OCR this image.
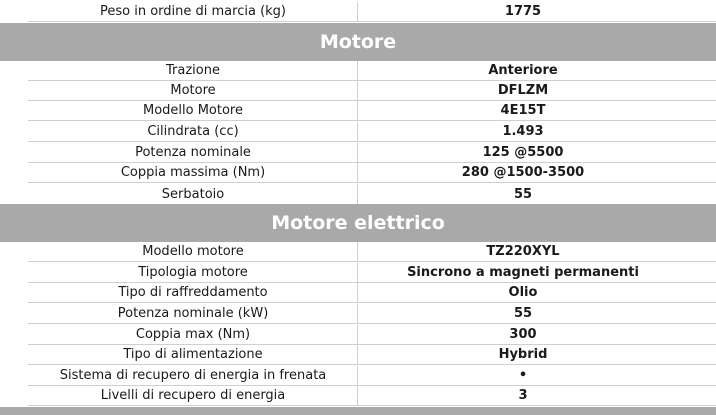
Peso in ordine di marcia (kg)	1775
Motore
Trazione	Anteriore
Motore	DFLZM
Modello Motore	4E15T
Cilindrata (cc)	1.493
Potenza nominale	125 @5500
Coppia massima (Nm)	280 @1500-3500
Serbatoio	55
Motore elettrico
Modello motore	TZ220XYL
Tipologia motore	Sincrono a magneti permanenti
Tipo di raffreddamento	Olio
Potenza nominale (kW)	55
Coppia max (Nm)	300
Tipo di alimentazione	Hybrid
Sistema di recupero di energia in frenata	•
Livelli di recupero di energia	3
